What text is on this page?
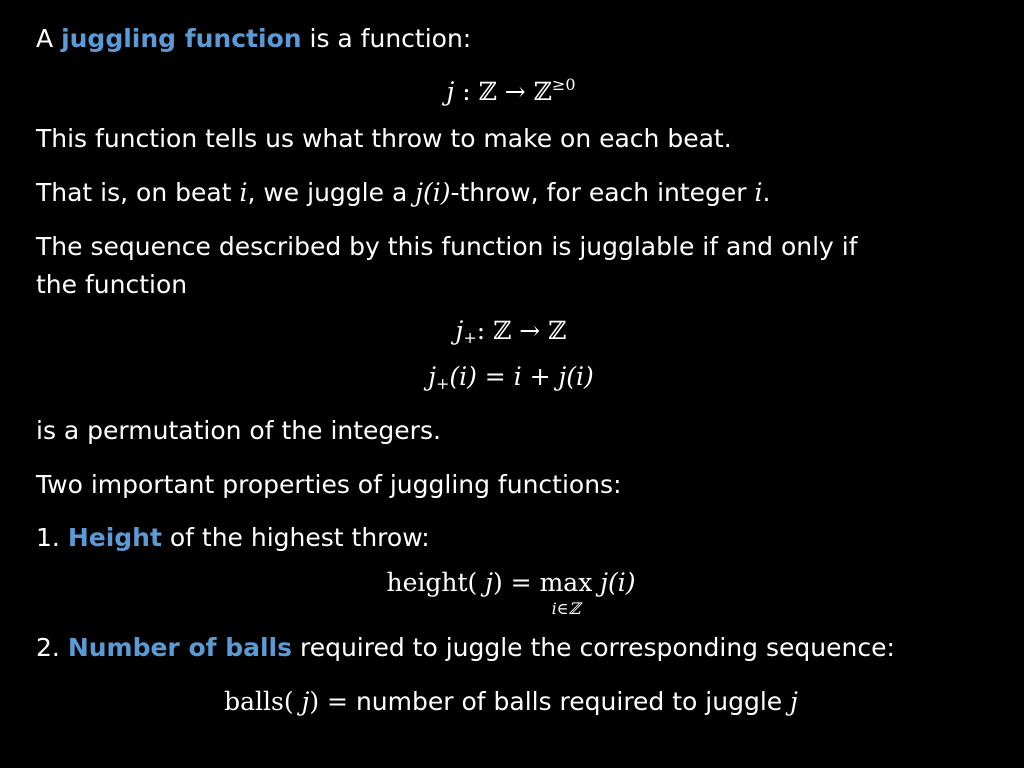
A juggling function is a function:
j : ℤ → ℤ$^{\ge 0}$
This function tells us what throw to make on each beat.
That is, on beat i, we juggle a j(i)-throw, for each integer i.
The sequence described by this function is jugglable if and only if
the function
$j_+$: ℤ → ℤ
$j_+(i) = i + j(i)$
is a permutation of the integers.
Two important properties of juggling functions:
1. Height of the highest throw:
height( j) = max
i∈ℤ
j(i)
2. Number of balls required to juggle the corresponding sequence:
balls( j) = number of balls required to juggle j
